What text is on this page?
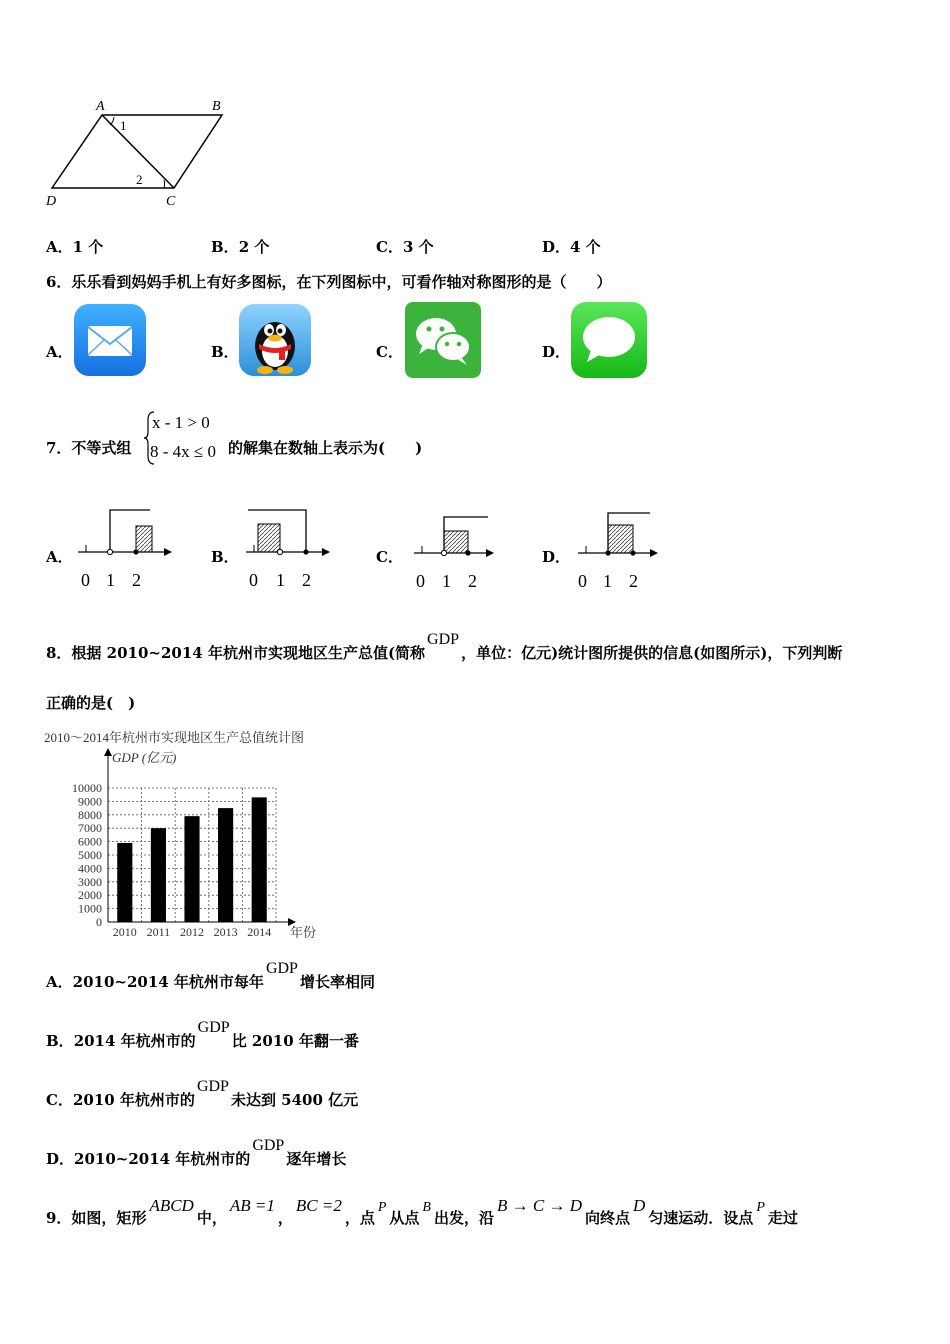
A	B
C
D
1
2
A．1 个	B．2 个	C．3 个	D．4 个
6．乐乐看到妈妈手机上有好多图标，在下列图标中，可看作轴对称图形的是（　　）
A．	B．	C．	D．
7．不等式组
x - 1 > 0
8 - 4x ≤ 0 的解集在数轴上表示为(　　)
A．
0 1 2
B．
0 1 2
C．
0 1 2
D．
0 1 2
8．根据 2010~2014 年杭州市实现地区生产总值(简称GDP，单位：亿元)统计图所提供的信息(如图所示)，下列判断
正确的是(　)
2010～2014年杭州市实现地区生产总值统计图
GDP (亿元)
年份
0
1000
2000
3000
4000
5000
6000
7000
8000
9000
10000
2010 2011 2012 2013 2014
A．2010~2014 年杭州市每年GDP增长率相同
B．2014 年杭州市的GDP比 2010 年翻一番
C．2010 年杭州市的GDP未达到 5400 亿元
D．2010~2014 年杭州市的GDP逐年增长
9．如图，矩形ABCD中，AB =1，BC =2，点P从点B出发，沿B → C → D向终点D匀速运动．设点P走过
